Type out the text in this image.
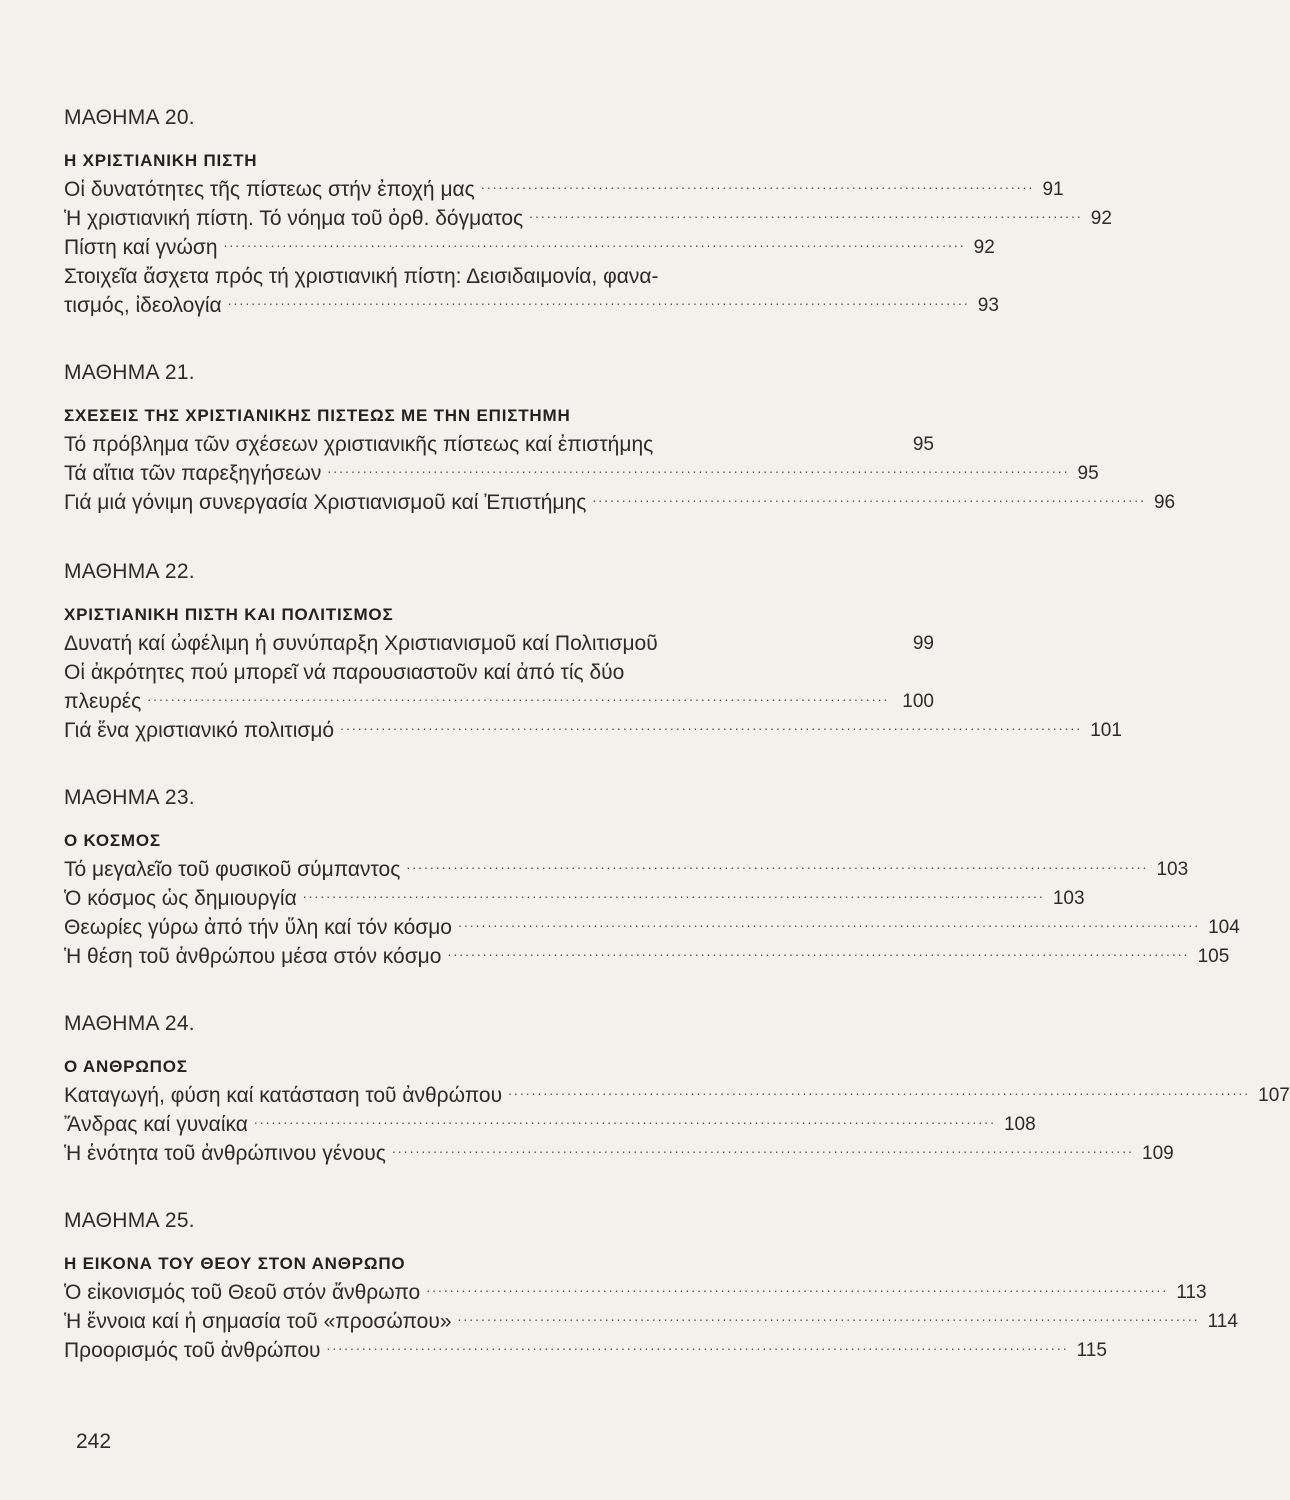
ΜΑΘΗΜΑ 20.
Η ΧΡΙΣΤΙΑΝΙΚΗ ΠΙΣΤΗ
Οἱ δυνατότητες τῆς πίστεως στήν ἐποχή μας .............................................................................................. 91
Ἡ χριστιανική πίστη. Τό νόημα τοῦ ὀρθ. δόγματος .............................................................................................. 92
Πίστη καί γνώση .............................................................................................................................. 92
Στοιχεῖα ἄσχετα πρός τή χριστιανική πίστη: Δεισιδαιμονία, φανα-
τισμός, ἰδεολογία .............................................................................................................................. 93
ΜΑΘΗΜΑ 21.
ΣΧΕΣΕΙΣ ΤΗΣ ΧΡΙΣΤΙΑΝΙΚΗΣ ΠΙΣΤΕΩΣ ΜΕ ΤΗΝ ΕΠΙΣΤΗΜΗ
Τό πρόβλημα τῶν σχέσεων χριστιανικῆς πίστεως καί ἐπιστήμης	95
Τά αἴτια τῶν παρεξηγήσεων .............................................................................................................................. 95
Γιά μιά γόνιμη συνεργασία Χριστιανισμοῦ καί Ἐπιστήμης .............................................................................................. 96
ΜΑΘΗΜΑ 22.
ΧΡΙΣΤΙΑΝΙΚΗ ΠΙΣΤΗ ΚΑΙ ΠΟΛΙΤΙΣΜΟΣ
Δυνατή καί ὠφέλιμη ἡ συνύπαρξη Χριστιανισμοῦ καί Πολιτισμοῦ	99
Οἱ ἀκρότητες πού μπορεῖ νά παρουσιαστοῦν καί ἀπό τίς δύο
πλευρές .............................................................................................................................. 100
Γιά ἕνα χριστιανικό πολιτισμό .............................................................................................................................. 101
ΜΑΘΗΜΑ 23.
Ο ΚΟΣΜΟΣ
Τό μεγαλεῖο τοῦ φυσικοῦ σύμπαντος .............................................................................................................................. 103
Ὁ κόσμος ὡς δημιουργία .............................................................................................................................. 103
Θεωρίες γύρω ἀπό τήν ὕλη καί τόν κόσμο .............................................................................................................................. 104
Ἡ θέση τοῦ ἀνθρώπου μέσα στόν κόσμο .............................................................................................................................. 105
ΜΑΘΗΜΑ 24.
Ο ΑΝΘΡΩΠΟΣ
Καταγωγή, φύση καί κατάσταση τοῦ ἀνθρώπου .............................................................................................................................. 107
Ἄνδρας καί γυναίκα .............................................................................................................................. 108
Ἡ ἑνότητα τοῦ ἀνθρώπινου γένους .............................................................................................................................. 109
ΜΑΘΗΜΑ 25.
Η ΕΙΚΟΝΑ ΤΟΥ ΘΕΟΥ ΣΤΟΝ ΑΝΘΡΩΠΟ
Ὁ εἰκονισμός τοῦ Θεοῦ στόν ἄνθρωπο .............................................................................................................................. 113
Ἡ ἔννοια καί ἡ σημασία τοῦ «προσώπου» .............................................................................................................................. 114
Προορισμός τοῦ ἀνθρώπου .............................................................................................................................. 115
242
